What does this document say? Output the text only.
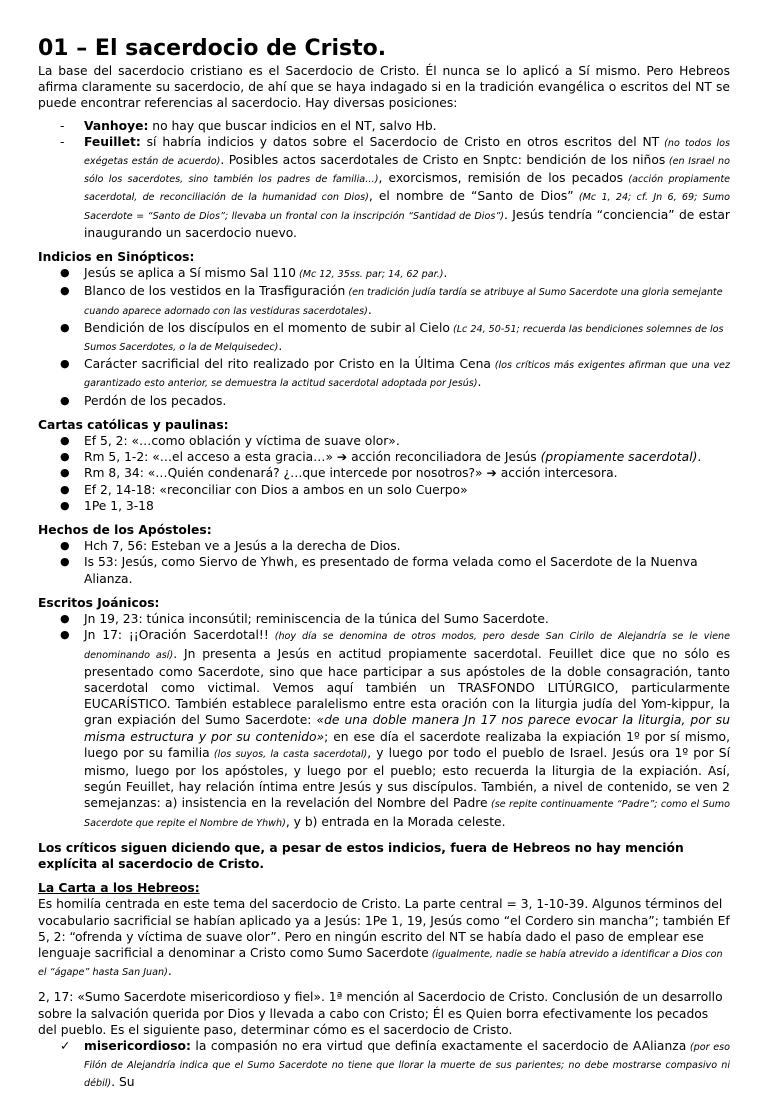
01 – El sacerdocio de Cristo.

La base del sacerdocio cristiano es el Sacerdocio de Cristo. Él nunca se lo aplicó a Sí mismo. Pero Hebreos afirma claramente su sacerdocio, de ahí que se haya indagado si en la tradición evangélica o escritos del NT se puede encontrar referencias al sacerdocio. Hay diversas posiciones:

- Vanhoye: no hay que buscar indicios en el NT, salvo Hb.
- Feuillet: sí habría indicios y datos sobre el Sacerdocio de Cristo en otros escritos del NT (no todos los exégetas están de acuerdo). Posibles actos sacerdotales de Cristo en Snptc: bendición de los niños (en Israel no sólo los sacerdotes, sino también los padres de familia…), exorcismos, remisión de los pecados (acción propiamente sacerdotal, de reconciliación de la humanidad con Dios), el nombre de “Santo de Dios” (Mc 1, 24; cf. Jn 6, 69; Sumo Sacerdote = “Santo de Dios”; llevaba un frontal con la inscripción “Santidad de Dios”). Jesús tendría “conciencia” de estar inaugurando un sacerdocio nuevo.

Indicios en Sinópticos:

● Jesús se aplica a Sí mismo Sal 110 (Mc 12, 35ss. par; 14, 62 par.).
● Blanco de los vestidos en la Trasfiguración (en tradición judía tardía se atribuye al Sumo Sacerdote una gloria semejante cuando aparece adornado con las vestiduras sacerdotales).
● Bendición de los discípulos en el momento de subir al Cielo (Lc 24, 50-51; recuerda las bendiciones solemnes de los Sumos Sacerdotes, o la de Melquisedec).
● Carácter sacrificial del rito realizado por Cristo en la Última Cena (los críticos más exigentes afirman que una vez garantizado esto anterior, se demuestra la actitud sacerdotal adoptada por Jesús).
● Perdón de los pecados.

Cartas católicas y paulinas:

● Ef 5, 2: «…como oblación y víctima de suave olor».
● Rm 5, 1-2: «…el acceso a esta gracia…» ➔ acción reconciliadora de Jesús (propiamente sacerdotal).
● Rm 8, 34: «…Quién condenará? ¿…que intercede por nosotros?» ➔ acción intercesora.
● Ef 2, 14-18: «reconciliar con Dios a ambos en un solo Cuerpo»
● 1Pe 1, 3-18

Hechos de los Apóstoles:

● Hch 7, 56: Esteban ve a Jesús a la derecha de Dios.
● Is 53: Jesús, como Siervo de Yhwh, es presentado de forma velada como el Sacerdote de la Nuenva Alianza.

Escritos Joánicos:

● Jn 19, 23: túnica inconsútil; reminiscencia de la túnica del Sumo Sacerdote.
● Jn 17: ¡¡Oración Sacerdotal!! (hoy día se denomina de otros modos, pero desde San Cirilo de Alejandría se le viene denominando así). Jn presenta a Jesús en actitud propiamente sacerdotal. Feuillet dice que no sólo es presentado como Sacerdote, sino que hace participar a sus apóstoles de la doble consagración, tanto sacerdotal como victimal. Vemos aquí también un TRASFONDO LITÚRGICO, particularmente EUCARÍSTICO. También establece paralelismo entre esta oración con la liturgia judía del Yom-kippur, la gran expiación del Sumo Sacerdote: «de una doble manera Jn 17 nos parece evocar la liturgia, por su misma estructura y por su contenido»; en ese día el sacerdote realizaba la expiación 1º por sí mismo, luego por su familia (los suyos, la casta sacerdotal), y luego por todo el pueblo de Israel. Jesús ora 1º por Sí mismo, luego por los apóstoles, y luego por el pueblo; esto recuerda la liturgia de la expiación. Así, según Feuillet, hay relación íntima entre Jesús y sus discípulos. También, a nivel de contenido, se ven 2 semejanzas: a) insistencia en la revelación del Nombre del Padre (se repite continuamente “Padre”; como el Sumo Sacerdote que repite el Nombre de Yhwh), y b) entrada en la Morada celeste.

Los críticos siguen diciendo que, a pesar de estos indicios, fuera de Hebreos no hay mención explícita al sacerdocio de Cristo.

La Carta a los Hebreos:

Es homilía centrada en este tema del sacerdocio de Cristo. La parte central = 3, 1-10-39. Algunos términos del vocabulario sacrificial se habían aplicado ya a Jesús: 1Pe 1, 19, Jesús como “el Cordero sin mancha”; también Ef 5, 2: “ofrenda y víctima de suave olor”. Pero en ningún escrito del NT se había dado el paso de emplear ese lenguaje sacrificial a denominar a Cristo como Sumo Sacerdote (igualmente, nadie se había atrevido a identificar a Dios con el “ágape” hasta San Juan).

2, 17: «Sumo Sacerdote misericordioso y fiel». 1ª mención al Sacerdocio de Cristo. Conclusión de un desarrollo sobre la salvación querida por Dios y llevada a cabo con Cristo; Él es Quien borra efectivamente los pecados del pueblo. Es el siguiente paso, determinar cómo es el sacerdocio de Cristo.

✓ misericordioso: la compasión no era virtud que definía exactamente el sacerdocio de AAlianza (por eso Filón de Alejandría indica que el Sumo Sacerdote no tiene que llorar la muerte de sus parientes; no debe mostrarse compasivo ni débil). Su
